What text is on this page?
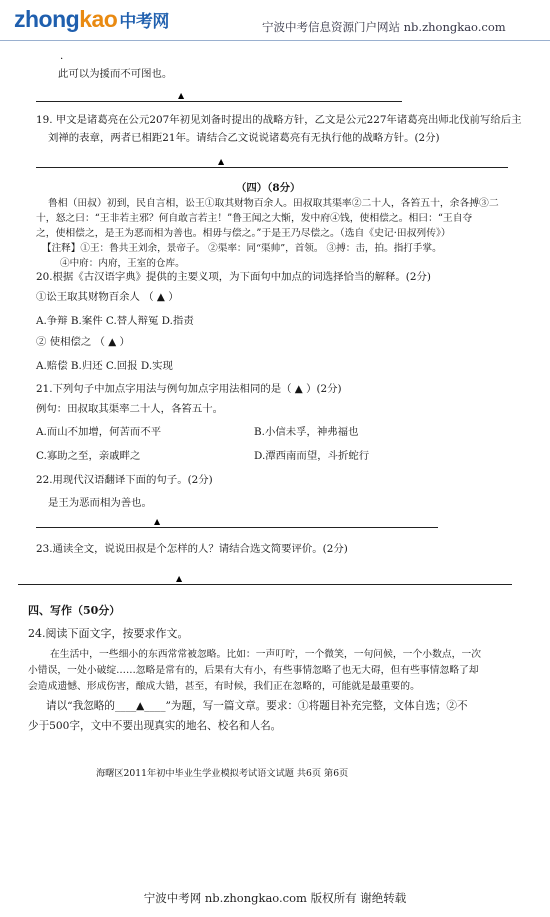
zhongkao 中考网	宁波中考信息资源门户网站 nb.zhongkao.com
·
此可以为援而不可图也。
▲
19. 甲文是诸葛亮在公元207年初见刘备时提出的战略方针，乙文是公元227年诸葛亮出师北伐前写给后主
刘禅的表章，两者已相距21年。请结合乙文说说诸葛亮有无执行他的战略方针。(2分)
▲
（四）（8分）
鲁相（田叔）初到，民自言相，讼王①取其财物百余人。田叔取其渠率②二十人，各笞五十，余各搏③二
十，怒之曰：“王非若主邪？何自敢言若主！”鲁王闻之大惭，发中府④钱，使相偿之。相曰：“王自夺
之，使相偿之，是王为恶而相为善也。相毋与偿之。”于是王乃尽偿之。（选自《史记·田叔列传》）
【注释】①王：鲁共王刘余，景帝子。 ②渠率：同“渠帅”，首领。 ③搏：击，拍。指打手掌。
④中府：内府，王室的仓库。
20.根据《古汉语字典》提供的主要义项，为下面句中加点的词选择恰当的解释。(2分)
①讼王取其财物百余人 （ ▲ ）
A.争辩 B.案件 C.替人辩冤 D.指责
② 使相偿之 （ ▲ ）
A.赔偿 B.归还 C.回报 D.实现
21.下列句子中加点字用法与例句加点字用法相同的是（ ▲ ）(2分)
例句：田叔取其渠率二十人，各笞五十。
A.而山不加增，何苦而不平	B.小信未孚，神弗福也
C.寡助之至，亲戚畔之	D.潭西南而望，斗折蛇行
22.用现代汉语翻译下面的句子。(2分)
是王为恶而相为善也。
▲
23.通读全文，说说田叔是个怎样的人？请结合选文简要评价。(2分)
▲
四、写作（50分）
24.阅读下面文字，按要求作文。
在生活中，一些细小的东西常常被忽略。比如：一声叮咛，一个微笑，一句问候，一个小数点，一次
小错误，一处小破绽……忽略是常有的，后果有大有小，有些事情忽略了也无大碍，但有些事情忽略了却
会造成遗憾、形成伤害，酿成大错，甚至，有时候，我们正在忽略的，可能就是最重要的。
请以“我忽略的____▲____”为题，写一篇文章。要求：①将题目补充完整，文体自选；②不
少于500字，文中不要出现真实的地名、校名和人名。
海曙区2011年初中毕业生学业模拟考试语文试题 共6页 第6页
宁波中考网 nb.zhongkao.com 版权所有 谢绝转载
